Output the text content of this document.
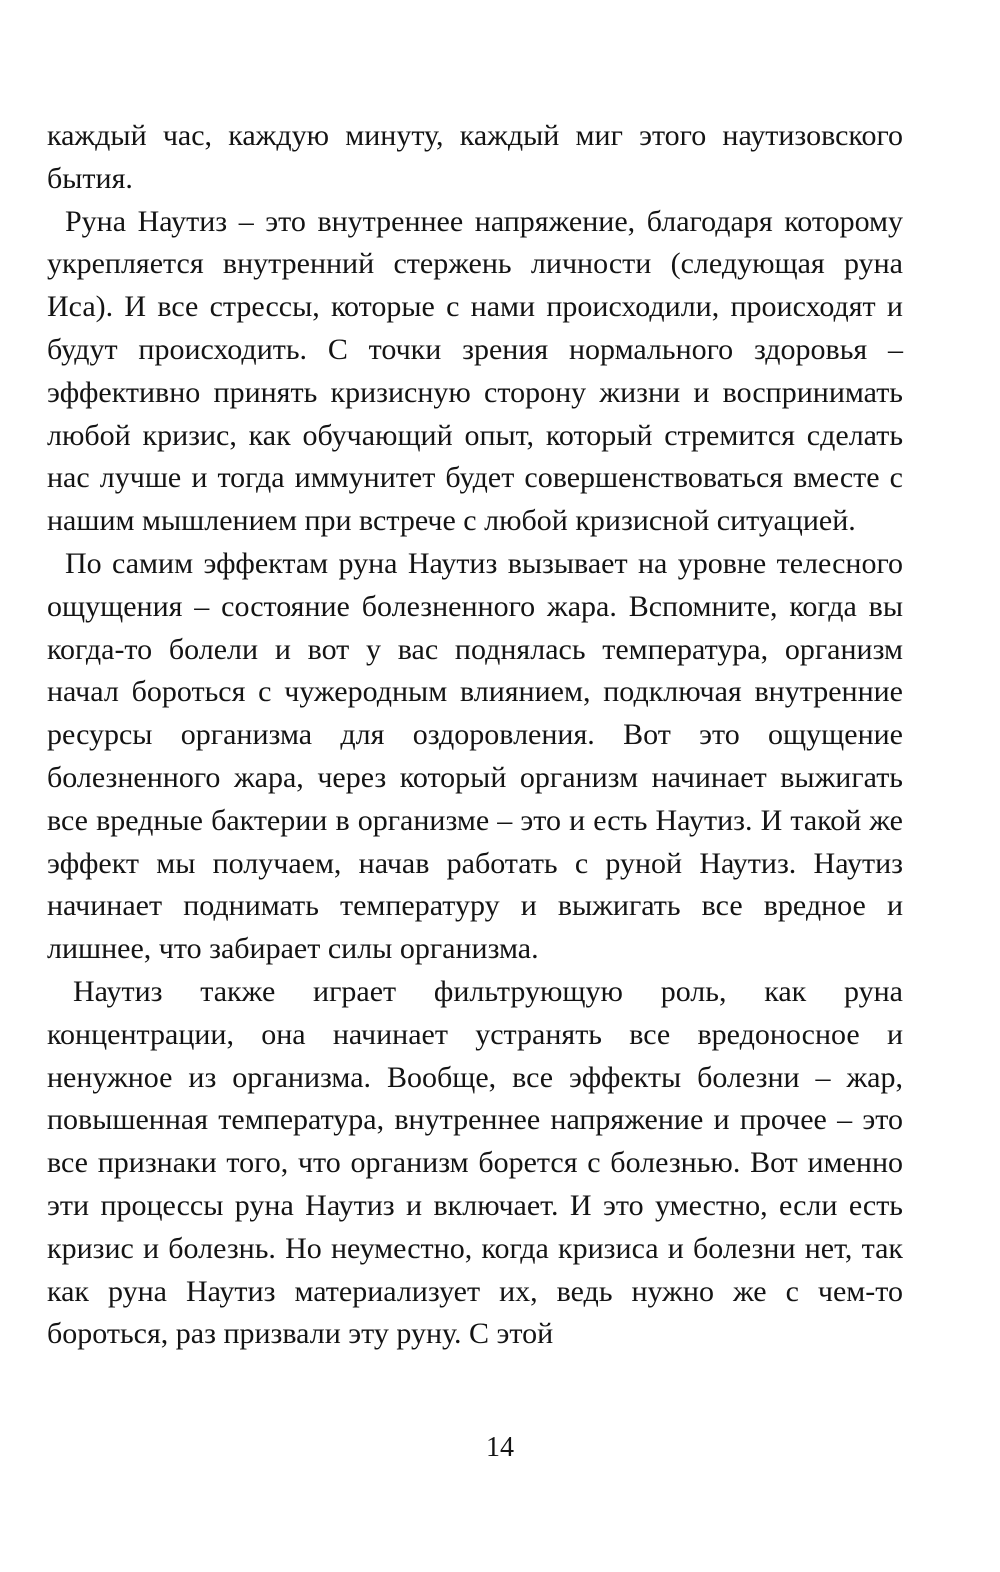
каждый час, каждую минуту, каждый миг этого наутизовского бытия.

Руна Наутиз – это внутреннее напряжение, благодаря которому укрепляется внутренний стержень личности (следующая руна Иса). И все стрессы, которые с нами происходили, происходят и будут происходить. С точки зрения нормального здоровья – эффективно принять кризисную сторону жизни и воспринимать любой кризис, как обучающий опыт, который стремится сделать нас лучше и тогда иммунитет будет совершенствоваться вместе с нашим мышлением при встрече с любой кризисной ситуацией.

По самим эффектам руна Наутиз вызывает на уровне телесного ощущения – состояние болезненного жара. Вспомните, когда вы когда-то болели и вот у вас поднялась температура, организм начал бороться с чужеродным влиянием, подключая внутренние ресурсы организма для оздоровления. Вот это ощущение болезненного жара, через который организм начинает выжигать все вредные бактерии в организме – это и есть Наутиз. И такой же эффект мы получаем, начав работать с руной Наутиз. Наутиз начинает поднимать температуру и выжигать все вредное и лишнее, что забирает силы организма.

Наутиз также играет фильтрующую роль, как руна концентрации, она начинает устранять все вредоносное и ненужное из организма. Вообще, все эффекты болезни – жар, повышенная температура, внутреннее напряжение и прочее – это все признаки того, что организм борется с болезнью. Вот именно эти процессы руна Наутиз и включает. И это уместно, если есть кризис и болезнь. Но неуместно, когда кризиса и болезни нет, так как руна Наутиз материализует их, ведь нужно же с чем-то бороться, раз призвали эту руну. С этой

14
